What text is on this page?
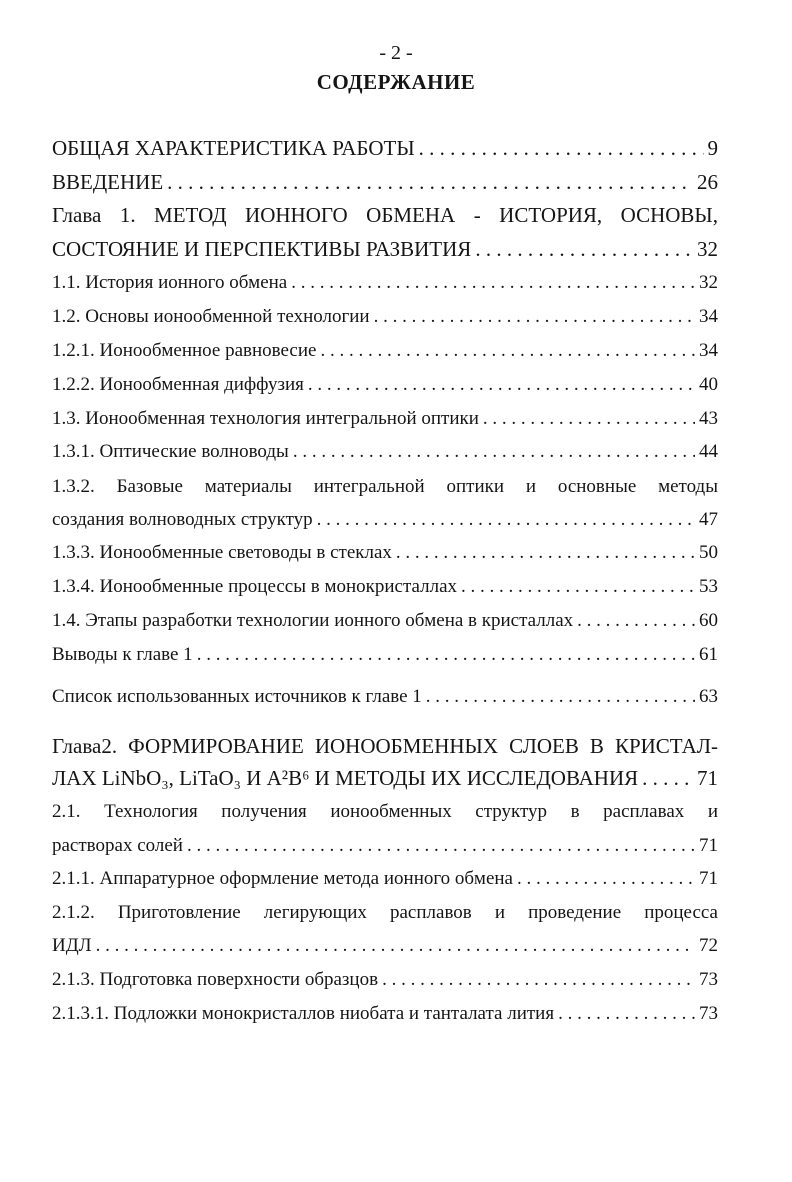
- 2 -
СОДЕРЖАНИЕ
ОБЩАЯ ХАРАКТЕРИСТИКА РАБОТЫ . . .	9
ВВЕДЕНИЕ . . .	26
Глава 1. МЕТОД ИОННОГО ОБМЕНА - ИСТОРИЯ, ОСНОВЫ,
СОСТОЯНИЕ И ПЕРСПЕКТИВЫ РАЗВИТИЯ . . .	32
1.1. История ионного обмена . . .	32
1.2. Основы ионообменной технологии . . .	34
1.2.1. Ионообменное равновесие . . .	34
1.2.2. Ионообменная диффузия . . .	40
1.3. Ионообменная технология интегральной оптики . . .	43
1.3.1. Оптические волноводы . . .	44
1.3.2. Базовые материалы интегральной оптики и основные методы
создания волноводных структур . . .	47
1.3.3. Ионообменные световоды в стеклах . . .	50
1.3.4. Ионообменные процессы в монокристаллах . . .	53
1.4. Этапы разработки технологии ионного обмена в кристаллах . . .	60
Выводы к главе 1 . . .	61
Список использованных источников к главе 1 . . .	63
Глава2. ФОРМИРОВАНИЕ ИОНООБМЕННЫХ СЛОЕВ В КРИСТАЛ-
ЛАХ LiNbO₃, LiTaO₃ И A²B⁶ И МЕТОДЫ ИХ ИССЛЕДОВАНИЯ . . .	71
2.1. Технология получения ионообменных структур в расплавах и
растворах солей . . .	71
2.1.1. Аппаратурное оформление метода ионного обмена . . .	71
2.1.2. Приготовление легирующих расплавов и проведение процесса
ИДЛ . . .	72
2.1.3. Подготовка поверхности образцов . . .	73
2.1.3.1. Подложки монокристаллов ниобата и танталата лития . . .	73
